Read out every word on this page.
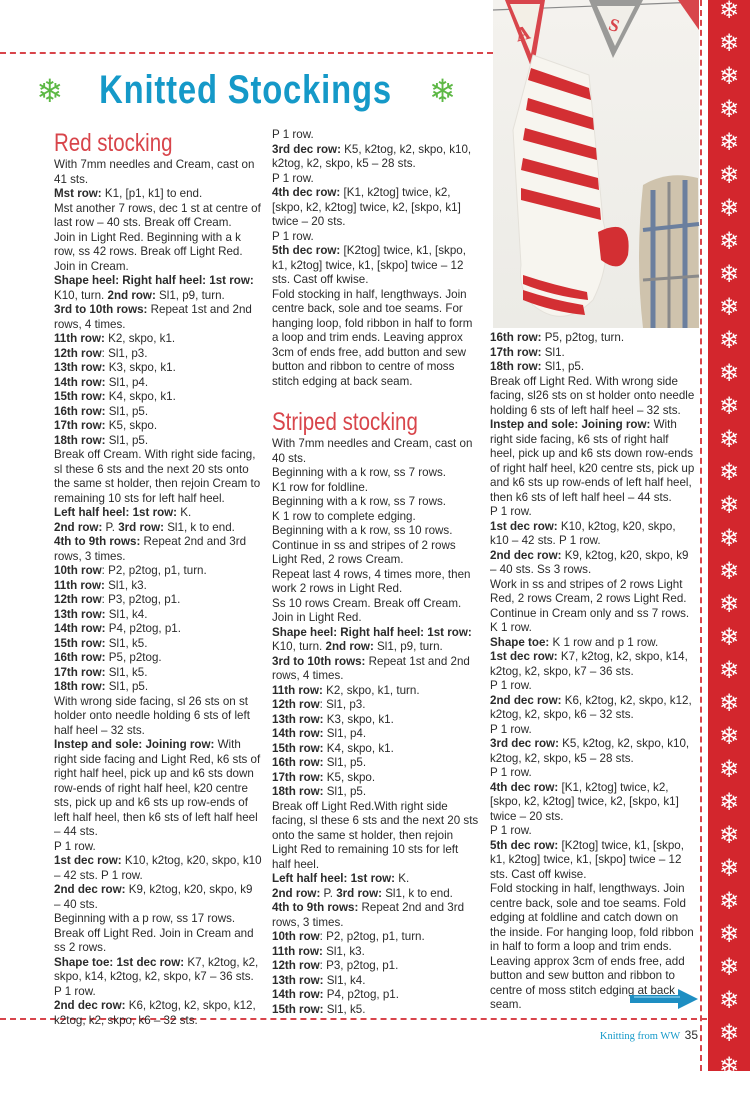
A	S
❄
❄
❄
❄
❄
❄
❄
❄
❄
❄
❄
❄
❄
❄
❄
❄
❄
❄
❄
❄
❄
❄
❄
❄
❄
❄
❄
❄
❄
❄
❄
❄
❄
❄
❄ Knitted Stockings ❄
Red stocking

With 7mm needles and Cream, cast on 41 sts.

Mst row: K1, [p1, k1] to end.

Mst another 7 rows, dec 1 st at centre of last row – 40 sts. Break off Cream.

Join in Light Red. Beginning with a k row, ss 42 rows. Break off Light Red.

Join in Cream.

Shape heel: Right half heel: 1st row: K10, turn. 2nd row: Sl1, p9, turn.

3rd to 10th rows: Repeat 1st and 2nd rows, 4 times.

11th row: K2, skpo, k1.

12th row: Sl1, p3.

13th row: K3, skpo, k1.

14th row: Sl1, p4.

15th row: K4, skpo, k1.

16th row: Sl1, p5.

17th row: K5, skpo.

18th row: Sl1, p5.

Break off Cream. With right side facing, sl these 6 sts and the next 20 sts onto the same st holder, then rejoin Cream to remaining 10 sts for left half heel.

Left half heel: 1st row: K.

2nd row: P. 3rd row: Sl1, k to end.

4th to 9th rows: Repeat 2nd and 3rd rows, 3 times.

10th row: P2, p2tog, p1, turn.

11th row: Sl1, k3.

12th row: P3, p2tog, p1.

13th row: Sl1, k4.

14th row: P4, p2tog, p1.

15th row: Sl1, k5.

16th row: P5, p2tog.

17th row: Sl1, k5.

18th row: Sl1, p5.

With wrong side facing, sl 26 sts on st holder onto needle holding 6 sts of left half heel – 32 sts.

Instep and sole: Joining row: With right side facing and Light Red, k6 sts of right half heel, pick up and k6 sts down row-ends of right half heel, k20 centre sts, pick up and k6 sts up row-ends of left half heel, then k6 sts of left half heel – 44 sts.

P 1 row.

1st dec row: K10, k2tog, k20, skpo, k10 – 42 sts. P 1 row.

2nd dec row: K9, k2tog, k20, skpo, k9 – 40 sts.

Beginning with a p row, ss 17 rows. Break off Light Red. Join in Cream and ss 2 rows.

Shape toe: 1st dec row: K7, k2tog, k2, skpo, k14, k2tog, k2, skpo, k7 – 36 sts.

P 1 row.

2nd dec row: K6, k2tog, k2, skpo, k12, k2tog, k2, skpo, k6 – 32 sts.

P 1 row.

3rd dec row: K5, k2tog, k2, skpo, k10, k2tog, k2, skpo, k5 – 28 sts.

P 1 row.

4th dec row: [K1, k2tog] twice, k2, [skpo, k2, k2tog] twice, k2, [skpo, k1] twice – 20 sts.

P 1 row.

5th dec row: [K2tog] twice, k1, [skpo, k1, k2tog] twice, k1, [skpo] twice – 12 sts. Cast off kwise.

Fold stocking in half, lengthways. Join centre back, sole and toe seams. For hanging loop, fold ribbon in half to form a loop and trim ends. Leaving approx 3cm of ends free, add button and sew button and ribbon to centre of moss stitch edging at back seam.

Striped stocking

With 7mm needles and Cream, cast on 40 sts.

Beginning with a k row, ss 7 rows.

K1 row for foldline.

Beginning with a k row, ss 7 rows.

K 1 row to complete edging.

Beginning with a k row, ss 10 rows. Continue in ss and stripes of 2 rows Light Red, 2 rows Cream.

Repeat last 4 rows, 4 times more, then work 2 rows in Light Red.

Ss 10 rows Cream. Break off Cream.

Join in Light Red.

Shape heel: Right half heel: 1st row: K10, turn. 2nd row: Sl1, p9, turn.

3rd to 10th rows: Repeat 1st and 2nd rows, 4 times.

11th row: K2, skpo, k1, turn.

12th row: Sl1, p3.

13th row: K3, skpo, k1.

14th row: Sl1, p4.

15th row: K4, skpo, k1.

16th row: Sl1, p5.

17th row: K5, skpo.

18th row: Sl1, p5.

Break off Light Red.With right side facing, sl these 6 sts and the next 20 sts onto the same st holder, then rejoin Light Red to remaining 10 sts for left half heel.

Left half heel: 1st row: K.

2nd row: P. 3rd row: Sl1, k to end.

4th to 9th rows: Repeat 2nd and 3rd rows, 3 times.

10th row: P2, p2tog, p1, turn.

11th row: Sl1, k3.

12th row: P3, p2tog, p1.

13th row: Sl1, k4.

14th row: P4, p2tog, p1.

15th row: Sl1, k5.

16th row: P5, p2tog, turn.

17th row: Sl1.

18th row: Sl1, p5.

Break off Light Red. With wrong side facing, sl26 sts on st holder onto needle holding 6 sts of left half heel – 32 sts.

Instep and sole: Joining row: With right side facing, k6 sts of right half heel, pick up and k6 sts down row-ends of right half heel, k20 centre sts, pick up and k6 sts up row-ends of left half heel, then k6 sts of left half heel – 44 sts.

P 1 row.

1st dec row: K10, k2tog, k20, skpo, k10 – 42 sts. P 1 row.

2nd dec row: K9, k2tog, k20, skpo, k9 – 40 sts. Ss 3 rows.

Work in ss and stripes of 2 rows Light Red, 2 rows Cream, 2 rows Light Red. Continue in Cream only and ss 7 rows.

K 1 row.

Shape toe: K 1 row and p 1 row.

1st dec row: K7, k2tog, k2, skpo, k14, k2tog, k2, skpo, k7 – 36 sts.

P 1 row.

2nd dec row: K6, k2tog, k2, skpo, k12, k2tog, k2, skpo, k6 – 32 sts.

P 1 row.

3rd dec row: K5, k2tog, k2, skpo, k10, k2tog, k2, skpo, k5 – 28 sts.

P 1 row.

4th dec row: [K1, k2tog] twice, k2, [skpo, k2, k2tog] twice, k2, [skpo, k1] twice – 20 sts.

P 1 row.

5th dec row: [K2tog] twice, k1, [skpo, k1, k2tog] twice, k1, [skpo] twice – 12 sts. Cast off kwise.

Fold stocking in half, lengthways. Join centre back, sole and toe seams. Fold edging at foldline and catch down on the inside. For hanging loop, fold ribbon in half to form a loop and trim ends. Leaving approx 3cm of ends free, add button and sew button and ribbon to centre of moss stitch edging at back seam.

Knitting from WW 35
